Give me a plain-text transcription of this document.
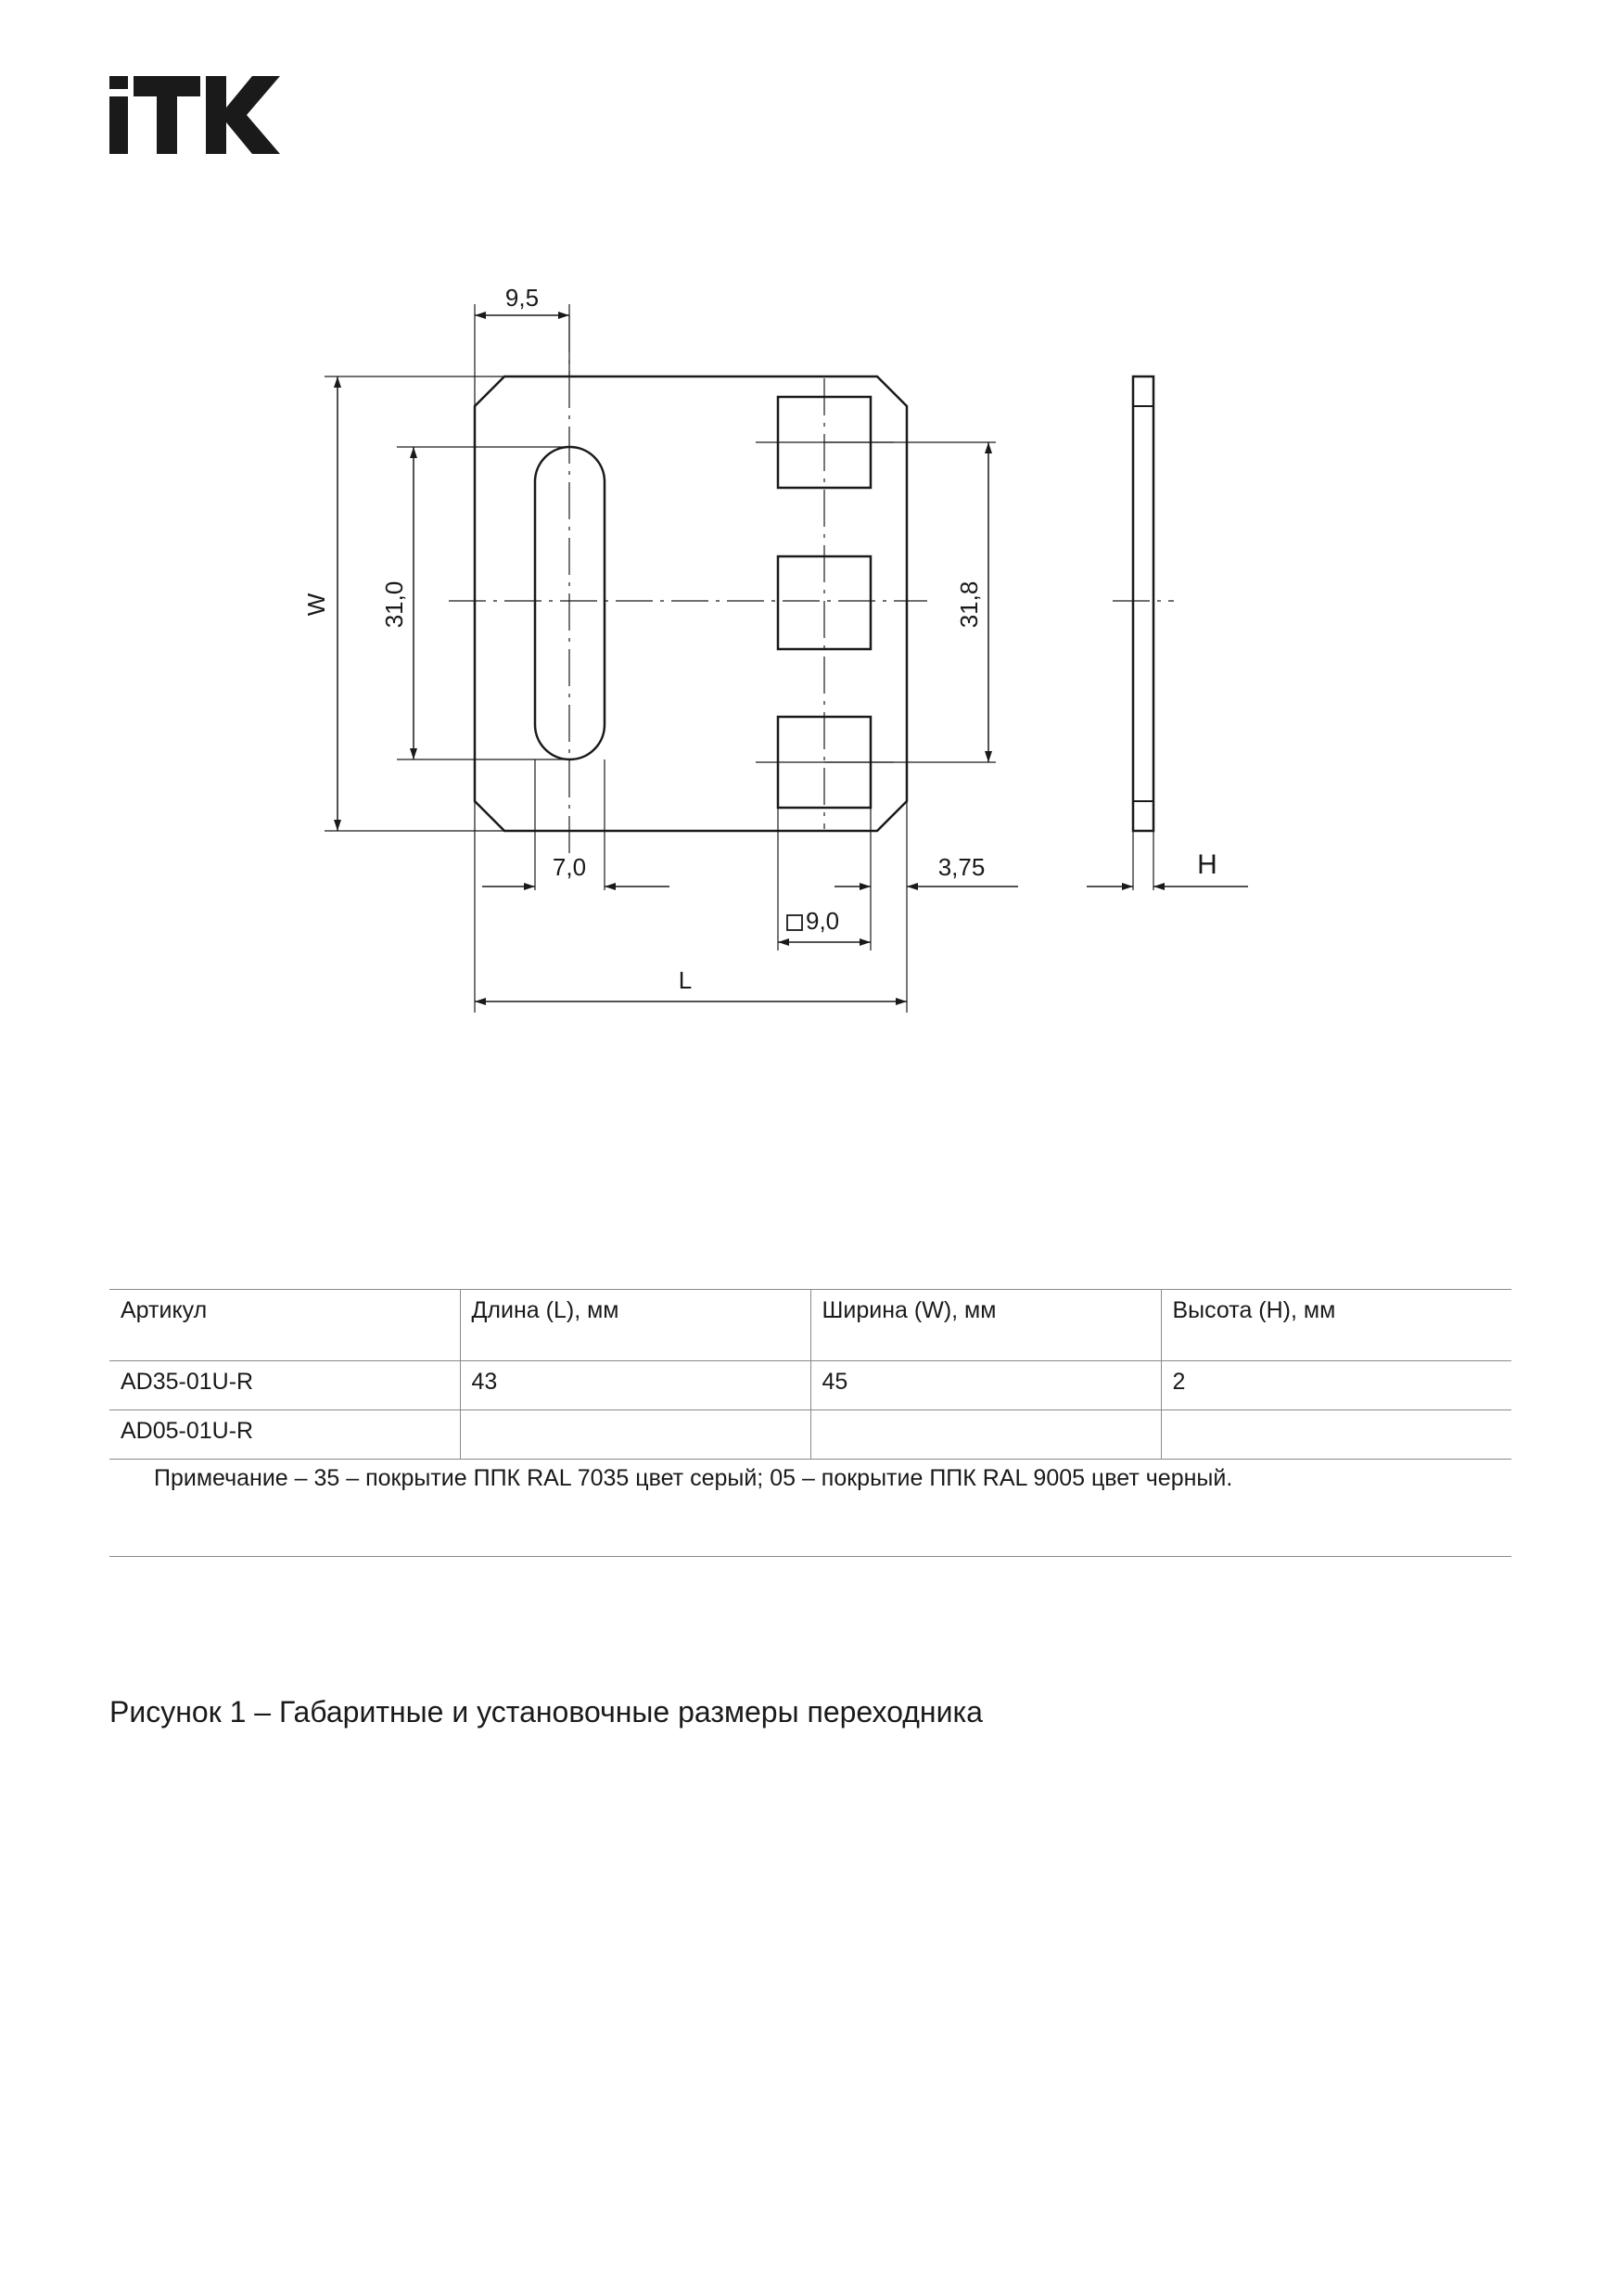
9,5
W 31,0	31,8
7,0	3,75	H
9,0
L
Артикул	Длина (L), мм	Ширина (W), мм	Высота (H), мм
AD35-01U-R	43	45	2
AD05-01U-R			
Примечание – 35 – покрытие ППК RAL 7035 цвет серый; 05 – покрытие ППК RAL 9005 цвет черный.
Рисунок 1 – Габаритные и установочные размеры переходника
